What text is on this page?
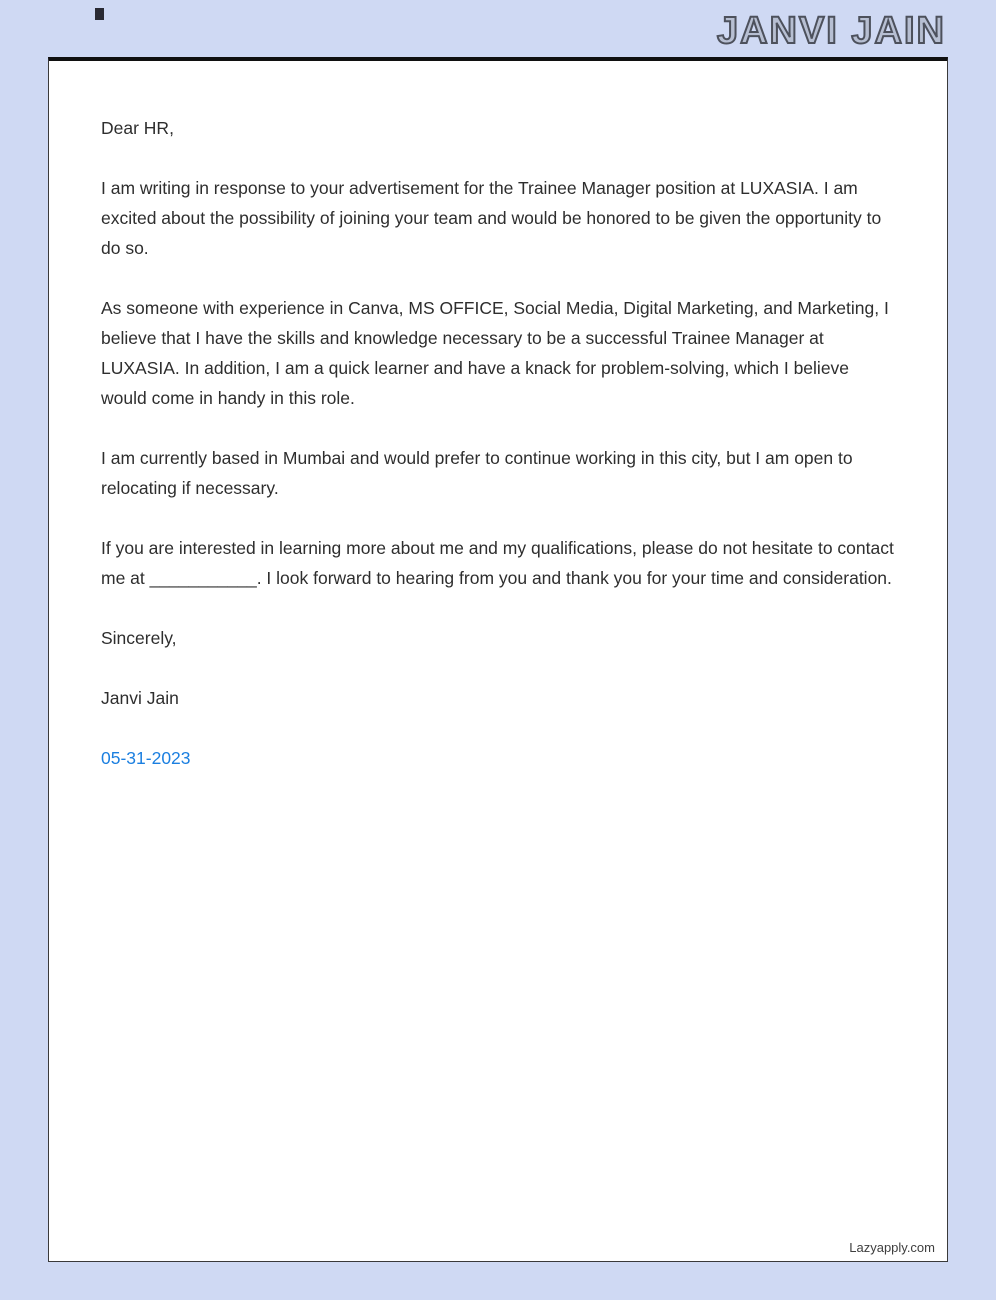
JANVI JAIN

Dear HR,

I am writing in response to your advertisement for the Trainee Manager position at LUXASIA. I am excited about the possibility of joining your team and would be honored to be given the opportunity to do so.

As someone with experience in Canva, MS OFFICE, Social Media, Digital Marketing, and Marketing, I believe that I have the skills and knowledge necessary to be a successful Trainee Manager at LUXASIA. In addition, I am a quick learner and have a knack for problem-solving, which I believe would come in handy in this role.

I am currently based in Mumbai and would prefer to continue working in this city, but I am open to relocating if necessary.

If you are interested in learning more about me and my qualifications, please do not hesitate to contact me at ___________. I look forward to hearing from you and thank you for your time and consideration.

Sincerely,

Janvi Jain

05-31-2023
Lazyapply.com
